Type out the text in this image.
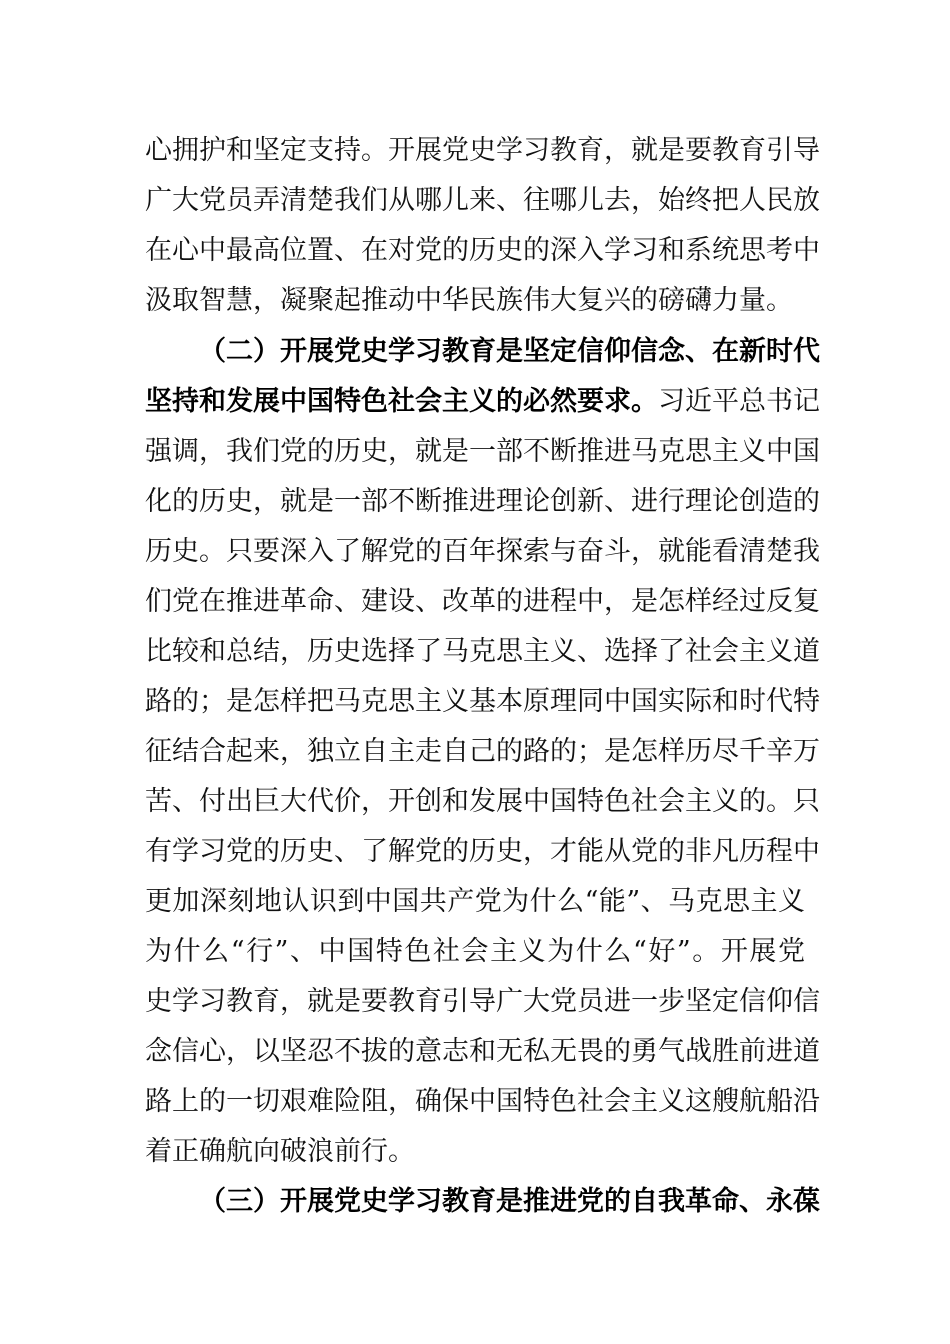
心拥护和坚定支持。开展党史学习教育，就是要教育引导
广大党员弄清楚我们从哪儿来、往哪儿去，始终把人民放
在心中最高位置、在对党的历史的深入学习和系统思考中
汲取智慧，凝聚起推动中华民族伟大复兴的磅礴力量。
（二）开展党史学习教育是坚定信仰信念、在新时代
坚持和发展中国特色社会主义的必然要求。习近平总书记
强调，我们党的历史，就是一部不断推进马克思主义中国
化的历史，就是一部不断推进理论创新、进行理论创造的
历史。只要深入了解党的百年探索与奋斗，就能看清楚我
们党在推进革命、建设、改革的进程中，是怎样经过反复
比较和总结，历史选择了马克思主义、选择了社会主义道
路的；是怎样把马克思主义基本原理同中国实际和时代特
征结合起来，独立自主走自己的路的；是怎样历尽千辛万
苦、付出巨大代价，开创和发展中国特色社会主义的。只
有学习党的历史、了解党的历史，才能从党的非凡历程中
更加深刻地认识到中国共产党为什么“能”、马克思主义
为什么“行”、中国特色社会主义为什么“好”。开展党
史学习教育，就是要教育引导广大党员进一步坚定信仰信
念信心，以坚忍不拔的意志和无私无畏的勇气战胜前进道
路上的一切艰难险阻，确保中国特色社会主义这艘航船沿
着正确航向破浪前行。
（三）开展党史学习教育是推进党的自我革命、永葆
